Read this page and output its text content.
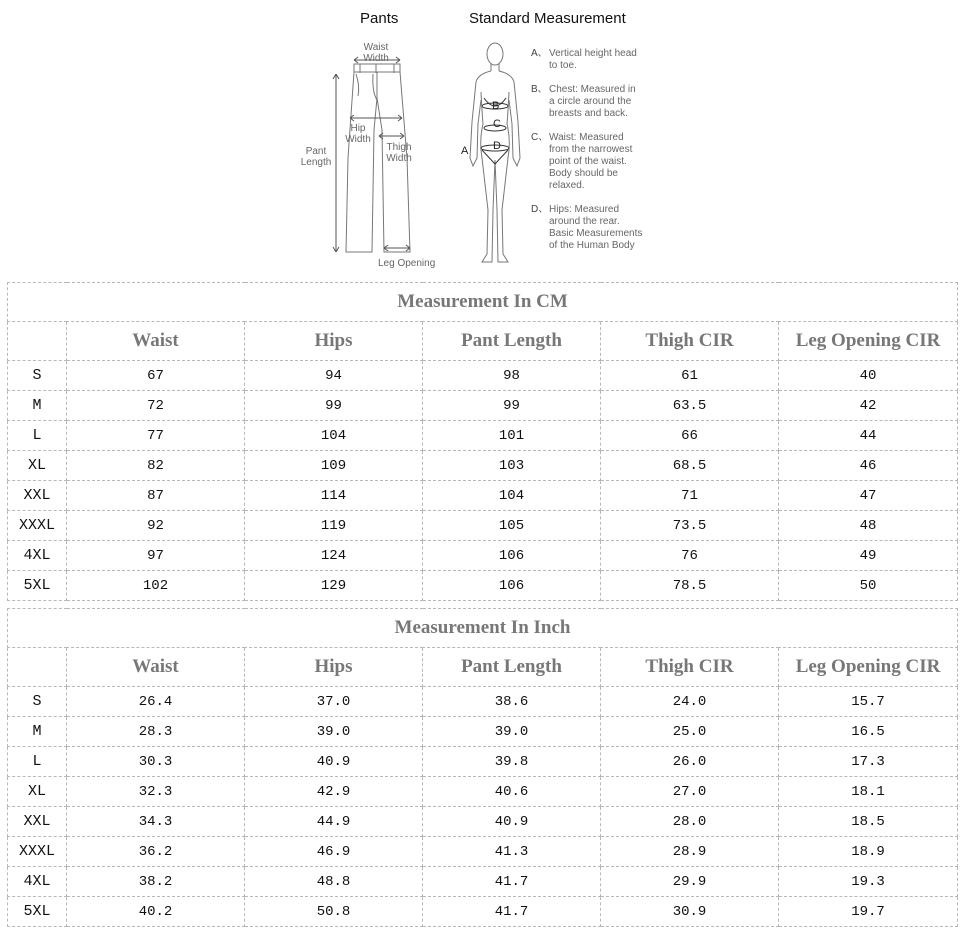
Pants	Standard Measurement
Waist
Width
Hip
Width
Thigh
Width
Pant
Length
Leg Opening
B
C
D
A
A、 Vertical height head

to toe.

B、 Chest: Measured in

a circle around the

breasts and back.

C、 Waist: Measured

from the narrowest

point of the waist.

Body should be

relaxed.

D、 Hips: Measured

around the rear.

Basic Measurements

of the Human Body

Measurement In CM					
	Waist	Hips	Pant Length	Thigh CIR	Leg Opening CIR
S	67	94	98	61	40
M	72	99	99	63.5	42
L	77	104	101	66	44
XL	82	109	103	68.5	46
XXL	87	114	104	71	47
XXXL	92	119	105	73.5	48
4XL	97	124	106	76	49
5XL	102	129	106	78.5	50
Measurement In Inch					
	Waist	Hips	Pant Length	Thigh CIR	Leg Opening CIR
S	26.4	37.0	38.6	24.0	15.7
M	28.3	39.0	39.0	25.0	16.5
L	30.3	40.9	39.8	26.0	17.3
XL	32.3	42.9	40.6	27.0	18.1
XXL	34.3	44.9	40.9	28.0	18.5
XXXL	36.2	46.9	41.3	28.9	18.9
4XL	38.2	48.8	41.7	29.9	19.3
5XL	40.2	50.8	41.7	30.9	19.7
